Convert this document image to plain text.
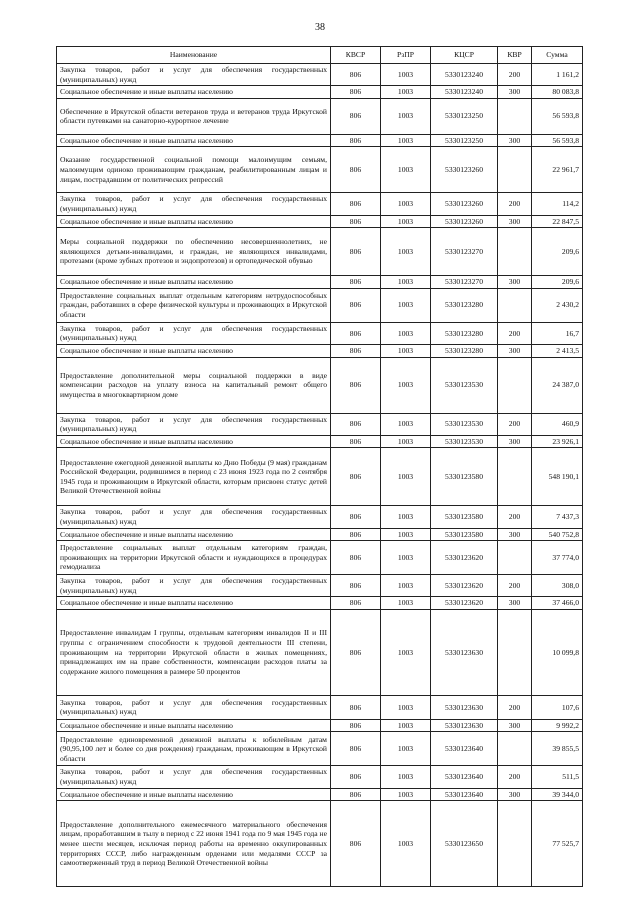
38
Наименование	КВСР	РзПР	КЦСР	КВР	Сумма
Закупка товаров, работ и услуг для обеспечения государственных (муниципальных) нужд	806	1003	5330123240	200	1 161,2
Социальное обеспечение и иные выплаты населению	806	1003	5330123240	300	80 083,8
Обеспечение в Иркутской области ветеранов труда и ветеранов труда Иркутской области путевками на санаторно-курортное лечение	806	1003	5330123250		56 593,8
Социальное обеспечение и иные выплаты населению	806	1003	5330123250	300	56 593,8
Оказание государственной социальной помощи малоимущим семьям, малоимущим одиноко проживающим гражданам, реабилитированным лицам и лицам, пострадавшим от политических репрессий	806	1003	5330123260		22 961,7
Закупка товаров, работ и услуг для обеспечения государственных (муниципальных) нужд	806	1003	5330123260	200	114,2
Социальное обеспечение и иные выплаты населению	806	1003	5330123260	300	22 847,5
Меры социальной поддержки по обеспечению несовершеннолетних, не являющихся детьми-инвалидами, и граждан, не являющихся инвалидами, протезами (кроме зубных протезов и эндопротезов) и ортопедической обувью	806	1003	5330123270		209,6
Социальное обеспечение и иные выплаты населению	806	1003	5330123270	300	209,6
Предоставление социальных выплат отдельным категориям нетрудоспособных граждан, работавших в сфере физической культуры и проживающих в Иркутской области	806	1003	5330123280		2 430,2
Закупка товаров, работ и услуг для обеспечения государственных (муниципальных) нужд	806	1003	5330123280	200	16,7
Социальное обеспечение и иные выплаты населению	806	1003	5330123280	300	2 413,5
Предоставление дополнительной меры социальной поддержки в виде компенсации расходов на уплату взноса на капитальный ремонт общего имущества в многоквартирном доме	806	1003	5330123530		24 387,0
Закупка товаров, работ и услуг для обеспечения государственных (муниципальных) нужд	806	1003	5330123530	200	460,9
Социальное обеспечение и иные выплаты населению	806	1003	5330123530	300	23 926,1
Предоставление ежегодной денежной выплаты ко Дню Победы (9 мая) гражданам Российской Федерации, родившимся в период с 23 июня 1923 года по 2 сентября 1945 года и проживающим в Иркутской области, которым присвоен статус детей Великой Отечественной войны	806	1003	5330123580		548 190,1
Закупка товаров, работ и услуг для обеспечения государственных (муниципальных) нужд	806	1003	5330123580	200	7 437,3
Социальное обеспечение и иные выплаты населению	806	1003	5330123580	300	540 752,8
Предоставление социальных выплат отдельным категориям граждан, проживающих на территории Иркутской области и нуждающихся в процедурах гемодиализа	806	1003	5330123620		37 774,0
Закупка товаров, работ и услуг для обеспечения государственных (муниципальных) нужд	806	1003	5330123620	200	308,0
Социальное обеспечение и иные выплаты населению	806	1003	5330123620	300	37 466,0
Предоставление инвалидам I группы, отдельным категориям инвалидов II и III группы с ограничением способности к трудовой деятельности III степени, проживающим на территории Иркутской области в жилых помещениях, принадлежащих им на праве собственности, компенсации расходов платы за содержание жилого помещения в размере 50 процентов	806	1003	5330123630		10 099,8
Закупка товаров, работ и услуг для обеспечения государственных (муниципальных) нужд	806	1003	5330123630	200	107,6
Социальное обеспечение и иные выплаты населению	806	1003	5330123630	300	9 992,2
Предоставление единовременной денежной выплаты к юбилейным датам (90,95,100 лет и более со дня рождения) гражданам, проживающим в Иркутской области	806	1003	5330123640		39 855,5
Закупка товаров, работ и услуг для обеспечения государственных (муниципальных) нужд	806	1003	5330123640	200	511,5
Социальное обеспечение и иные выплаты населению	806	1003	5330123640	300	39 344,0
Предоставление дополнительного ежемесячного материального обеспечения лицам, проработавшим в тылу в период с 22 июня 1941 года по 9 мая 1945 года не менее шести месяцев, исключая период работы на временно оккупированных территориях СССР, либо награжденным орденами или медалями СССР за самоотверженный труд в период Великой Отечественной войны	806	1003	5330123650		77 525,7
